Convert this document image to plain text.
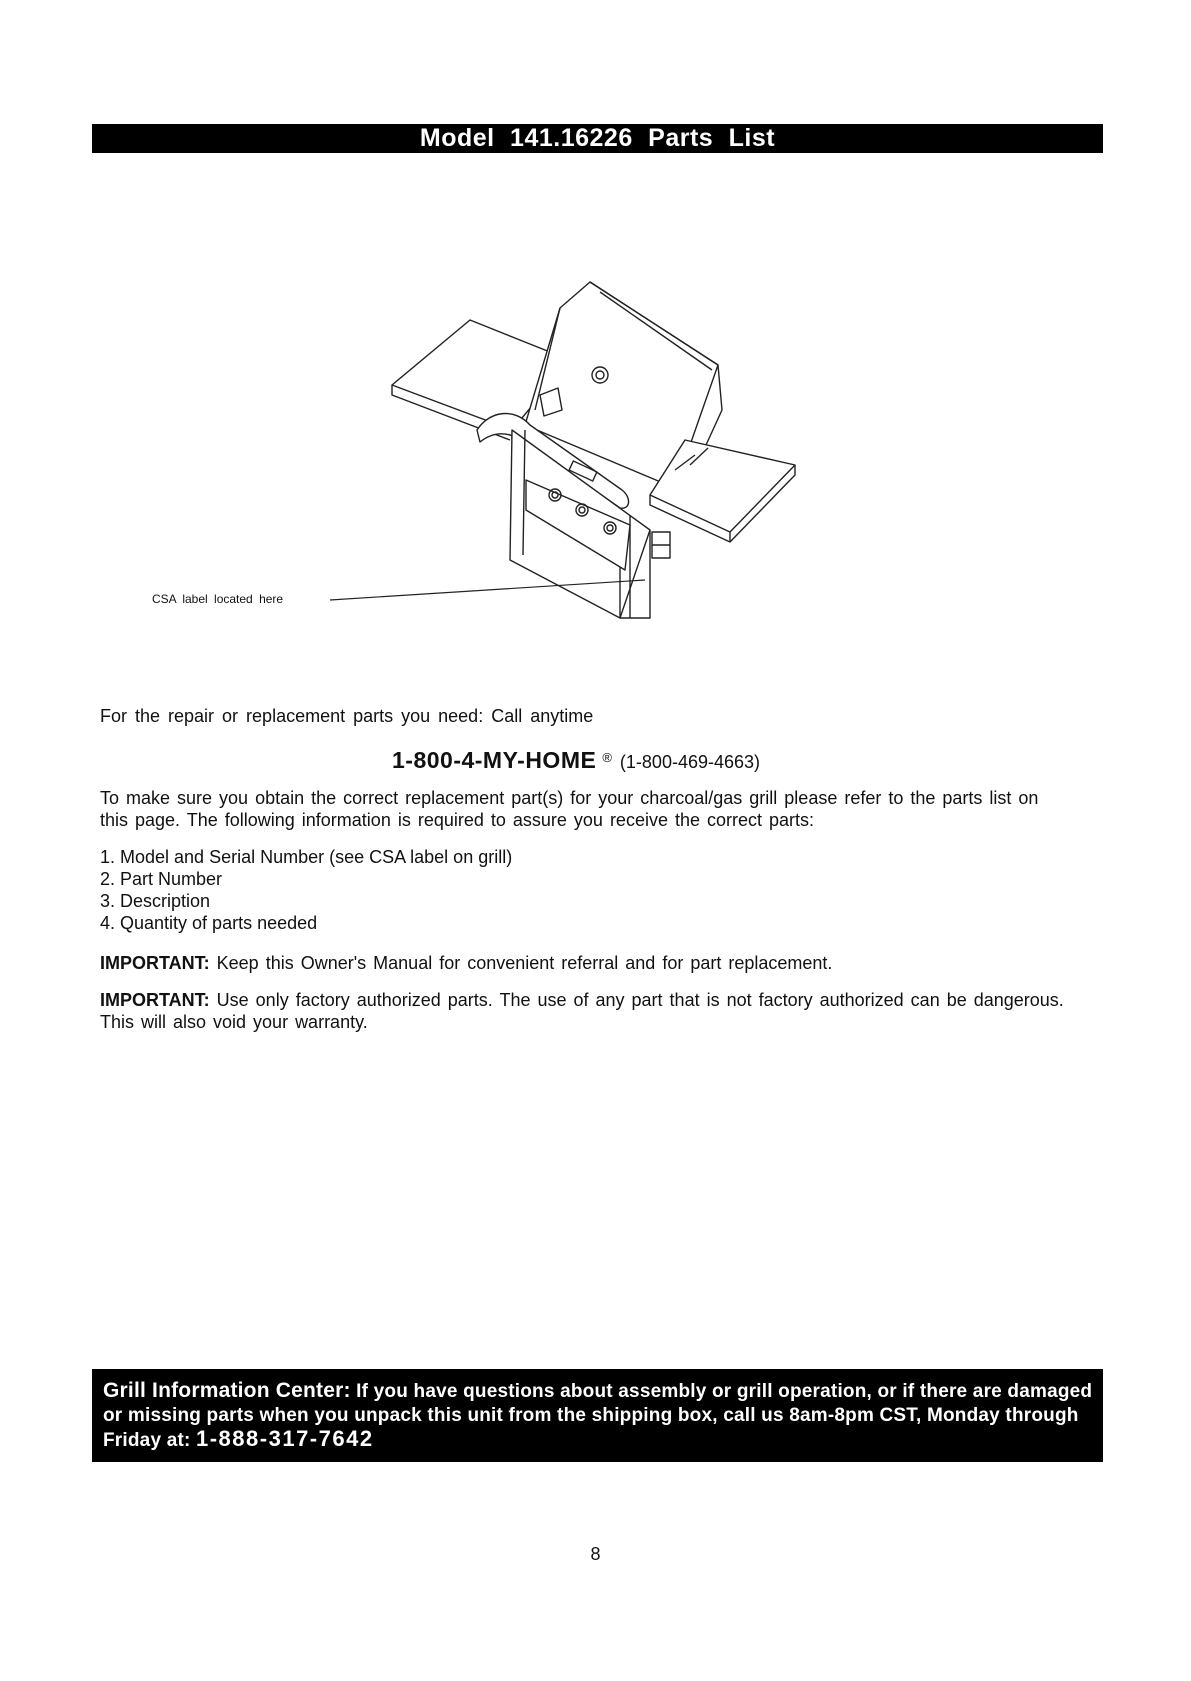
Model 141.16226 Parts List
CSA label located here
For the repair or replacement parts you need: Call anytime
1-800-4-MY-HOME ® (1-800-469-4663)
To make sure you obtain the correct replacement part(s) for your charcoal/gas grill please refer to the parts list on this page. The following information is required to assure you receive the correct parts:
1. Model and Serial Number (see CSA label on grill)
2. Part Number
3. Description
4. Quantity of parts needed
IMPORTANT: Keep this Owner's Manual for convenient referral and for part replacement.
IMPORTANT: Use only factory authorized parts. The use of any part that is not factory authorized can be dangerous. This will also void your warranty.
Grill Information Center: If you have questions about assembly or grill operation, or if there are damaged or missing parts when you unpack this unit from the shipping box, call us 8am-8pm CST, Monday through Friday at: 1-888-317-7642
8
